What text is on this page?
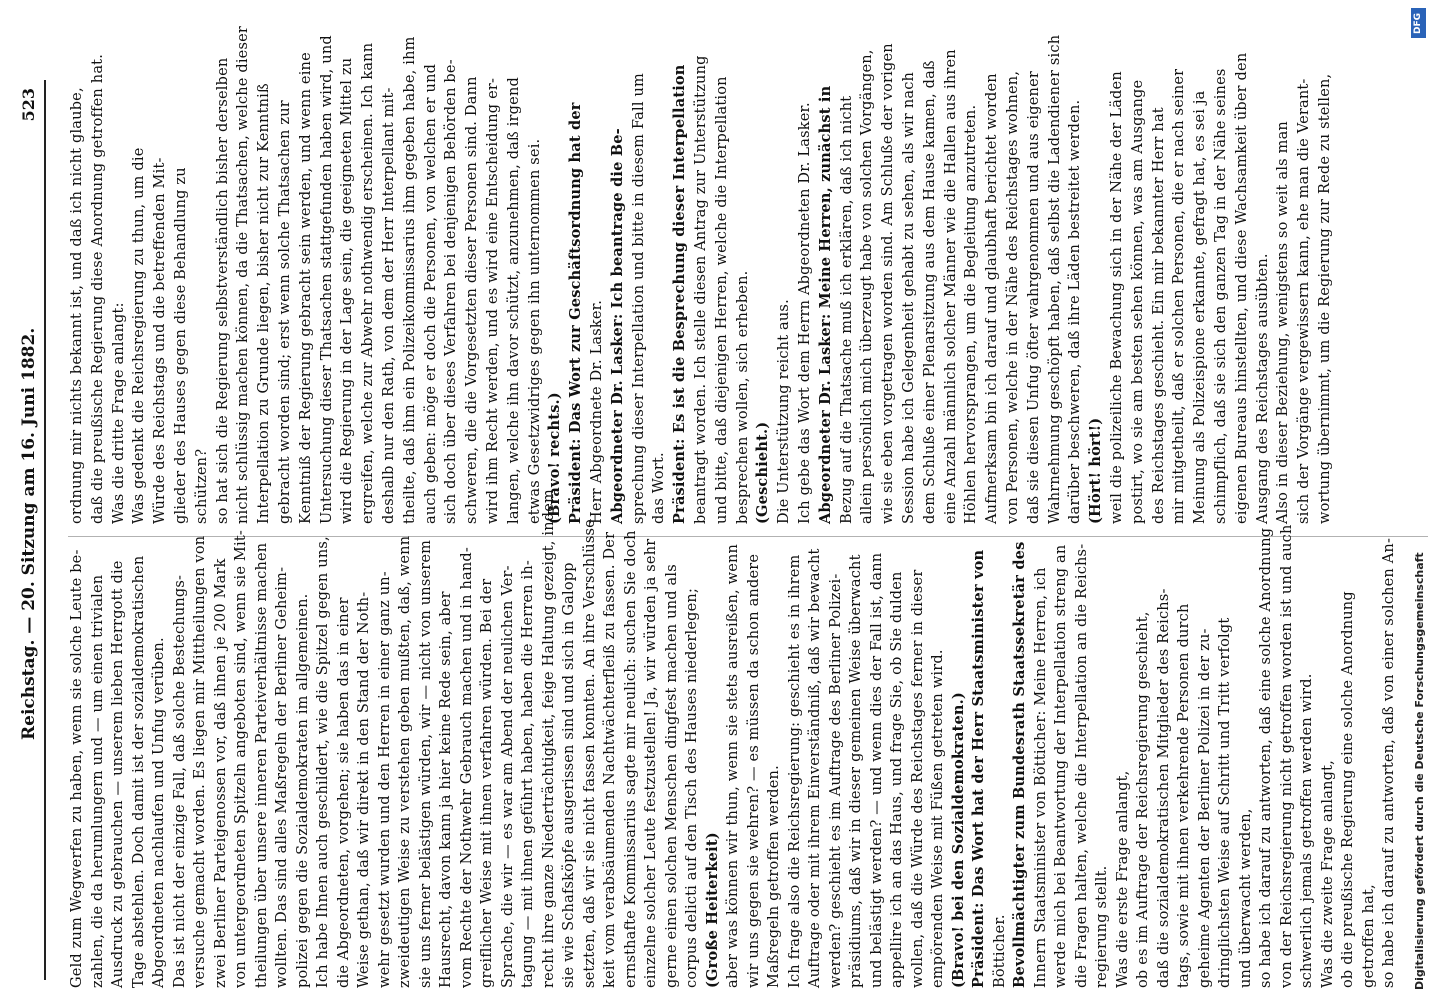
523
Reichstag. — 20. Sitzung am 16. Juni 1882.
Geld zum Wegwerfen zu haben, wenn sie solche Leute be- zahlen, die da herumlungern und — um einen trivialen Ausdruck zu gebrauchen — unserem lieben Herrgott die Tage abstehlen. Doch damit ist der sozialdemokratischen Abgeordneten nachlaufen und Unfug verüben. Das ist nicht der einzige Fall, daß solche Bestechungs- versuche gemacht worden. Es liegen mir Mittheilungen von zwei Berliner Parteigenossen vor, daß ihnen je 200 Mark von untergeordneten Spitzeln angeboten sind, wenn sie Mit- theilungen über unsere inneren Parteiverhältnisse machen wollten. Das sind alles Maßregeln der Berliner Geheim- polizei gegen die Sozialdemokraten im allgemeinen. Ich habe Ihnen auch geschildert, wie die Spitzel gegen uns, die Abgeordneten, vorgehen; sie haben das in einer Weise gethan, daß wir direkt in den Stand der Noth- wehr gesetzt wurden und den Herren in einer ganz un- zweideutigen Weise zu verstehen geben mußten, daß, wenn sie uns ferner belästigen würden, wir — nicht von unserem Hausrecht, davon kann ja hier keine Rede sein, aber vom Rechte der Nothwehr Gebrauch machen und in hand- greiflicher Weise mit ihnen verfahren würden. Bei der Sprache, die wir — es war am Abend der neulichen Ver- tagung — mit ihnen geführt haben, haben die Herren ih- recht ihre ganze Niederträchtigkeit, feige Haltung gezeigt, indem sie wie Schafsköpfe ausgerissen sind und sich in Galopp setzten, daß wir sie nicht fassen konnten. An ihre Verschlüsse keit vom verabsäumenden Nachtwächterfleiß zu fassen. Der ernsthafte Kommissarius sagte mir neulich: suchen Sie doch einzelne solcher Leute festzustellen! Ja, wir würden ja sehr gerne einen solchen Menschen dingfest machen und als corpus delicti auf den Tisch des Hauses niederlegen; (Große Heiterkeit) aber was können wir thun, wenn sie stets ausreißen, wenn wir uns gegen sie wehren? — es müssen da schon andere Maßregeln getroffen werden. Ich frage also die Reichsregierung: geschieht es in ihrem Auftrage oder mit ihrem Einverständniß, daß wir bewacht werden? geschieht es im Auftrage des Berliner Polizei- präsidiums, daß wir in dieser gemeinen Weise überwacht und belästigt werden? — und wenn dies der Fall ist, dann appellire ich an das Haus, und frage Sie, ob Sie dulden wollen, daß die Würde des Reichstages ferner in dieser empörenden Weise mit Füßen getreten wird. (Bravo! bei den Sozialdemokraten.) Präsident: Das Wort hat der Herr Staatsminister von Bötticher. Bevollmächtigter zum Bundesrath Staatssekretär des Innern Staatsminister von Bötticher: Meine Herren, ich werde mich bei Beantwortung der Interpellation streng an die Fragen halten, welche die Interpellation an die Reichs- regierung stellt. Was die erste Frage anlangt, ob es im Auftrage der Reichsregierung geschieht, daß die sozialdemokratischen Mitglieder des Reichs- tags, sowie mit ihnen verkehrende Personen durch geheime Agenten der Berliner Polizei in der zu- dringlichsten Weise auf Schritt und Tritt verfolgt und überwacht werden, so habe ich darauf zu antworten, daß eine solche Anordnung von der Reichsregierung nicht getroffen worden ist und auch schwerlich jemals getroffen werden wird. Was die zweite Frage anlangt, ob die preußische Regierung eine solche Anordnung getroffen hat, so habe ich darauf zu antworten, daß von einer solchen An-
ordnung mir nichts bekannt ist, und daß ich nicht glaube, daß die preußische Regierung diese Anordnung getroffen hat. Was die dritte Frage anlangt: Was gedenkt die Reichsregierung zu thun, um die Würde des Reichstags und die betreffenden Mit- glieder des Hauses gegen diese Behandlung zu schützen? so hat sich die Regierung selbstverständlich bisher derselben nicht schlüssig machen können, da die Thatsachen, welche dieser Interpellation zu Grunde liegen, bisher nicht zur Kenntniß gebracht worden sind; erst wenn solche Thatsachen zur Kenntniß der Regierung gebracht sein werden, und wenn eine Untersuchung dieser Thatsachen stattgefunden haben wird, und wird die Regierung in der Lage sein, die geeigneten Mittel zu ergreifen, welche zur Abwehr nothwendig erscheinen. Ich kann deshalb nur den Rath, von dem der Herr Interpellant mit- theilte, daß ihm ein Polizeikommissarius ihm gegeben habe, ihm auch geben: möge er doch die Personen, von welchen er und sich doch über dieses Verfahren bei denjenigen Behörden be- schweren, die die Vorgesetzten dieser Personen sind. Dann wird ihm Recht werden, und es wird eine Entscheidung er- langen, welche ihn davor schützt, anzunehmen, daß irgend etwas Gesetzwidriges gegen ihn unternommen sei. (Bravo! rechts.) Präsident: Das Wort zur Geschäftsordnung hat der Herr Abgeordnete Dr. Lasker. Abgeordneter Dr. Lasker: Ich beantrage die Be- sprechung dieser Interpellation und bitte in diesem Fall um das Wort. Präsident: Es ist die Besprechung dieser Interpellation beantragt worden. Ich stelle diesen Antrag zur Unterstützung und bitte, daß diejenigen Herren, welche die Interpellation besprechen wollen, sich erheben. (Geschieht.) Die Unterstützung reicht aus. Ich gebe das Wort dem Herrn Abgeordneten Dr. Lasker. Abgeordneter Dr. Lasker: Meine Herren, zunächst in Bezug auf die Thatsache muß ich erklären, daß ich nicht allein persönlich mich überzeugt habe von solchen Vorgängen, wie sie eben vorgetragen worden sind. Am Schluße der vorigen Session habe ich Gelegenheit gehabt zu sehen, als wir nach dem Schluße einer Plenarsitzung aus dem Hause kamen, daß eine Anzahl männlich solcher Männer wie die Hallen aus ihren Höhlen hervorsprangen, um die Begleitung anzutreten. Aufmerksam bin ich darauf und glaubhaft berichtet worden von Personen, welche in der Nähe des Reichstages wohnen, daß sie diesen Unfug öfter wahrgenommen und aus eigener Wahrnehmung geschöpft haben, daß selbst die Ladendiener sich darüber beschweren, daß ihre Läden bestreitet werden. (Hört! hört!) weil die polizeiliche Bewachung sich in der Nähe der Läden postirt, wo sie am besten sehen können, was am Ausgange des Reichstages geschieht. Ein mir bekannter Herr hat mir mitgetheilt, daß er solchen Personen, die er nach seiner Meinung als Polizeispione erkannte, gefragt hat, es sei ja schimpflich, daß sie sich den ganzen Tag in der Nähe seines eigenen Bureaus hinstellten, und diese Wachsamkeit über den Ausgang des Reichstages ausübten. Also in dieser Beziehung, wenigstens so weit als man sich der Vorgänge vergewissern kann, ehe man die Verant- wortung übernimmt, um die Regierung zur Rede zu stellen,
Digitalisierung gefördert durch die Deutsche Forschungsgemeinschaft
DFG
